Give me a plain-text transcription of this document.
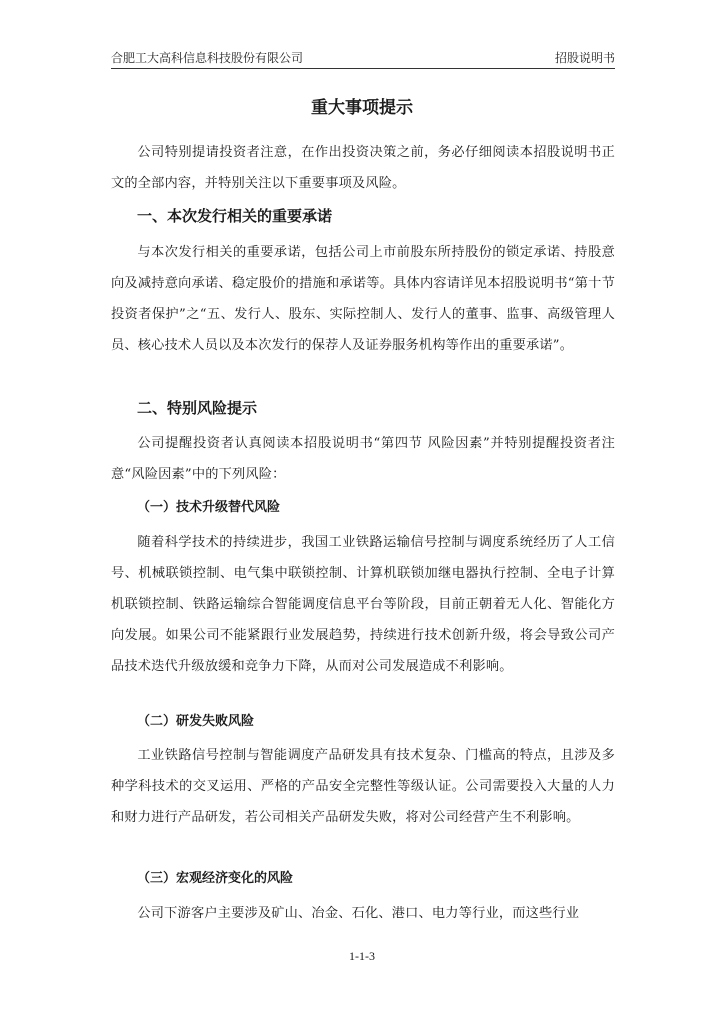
合肥工大高科信息科技股份有限公司	招股说明书
重大事项提示

公司特别提请投资者注意，在作出投资决策之前，务必仔细阅读本招股说明书正文的全部内容，并特别关注以下重要事项及风险。

一、本次发行相关的重要承诺

与本次发行相关的重要承诺，包括公司上市前股东所持股份的锁定承诺、持股意向及减持意向承诺、稳定股价的措施和承诺等。具体内容请详见本招股说明书“第十节 投资者保护”之“五、发行人、股东、实际控制人、发行人的董事、监事、高级管理人员、核心技术人员以及本次发行的保荐人及证券服务机构等作出的重要承诺”。

二、特别风险提示

公司提醒投资者认真阅读本招股说明书“第四节 风险因素”并特别提醒投资者注意“风险因素”中的下列风险：

（一）技术升级替代风险

随着科学技术的持续进步，我国工业铁路运输信号控制与调度系统经历了人工信号、机械联锁控制、电气集中联锁控制、计算机联锁加继电器执行控制、全电子计算机联锁控制、铁路运输综合智能调度信息平台等阶段，目前正朝着无人化、智能化方向发展。如果公司不能紧跟行业发展趋势，持续进行技术创新升级，将会导致公司产品技术迭代升级放缓和竞争力下降，从而对公司发展造成不利影响。

（二）研发失败风险

工业铁路信号控制与智能调度产品研发具有技术复杂、门槛高的特点，且涉及多种学科技术的交叉运用、严格的产品安全完整性等级认证。公司需要投入大量的人力和财力进行产品研发，若公司相关产品研发失败，将对公司经营产生不利影响。

（三）宏观经济变化的风险

公司下游客户主要涉及矿山、冶金、石化、港口、电力等行业，而这些行业

1-1-3
